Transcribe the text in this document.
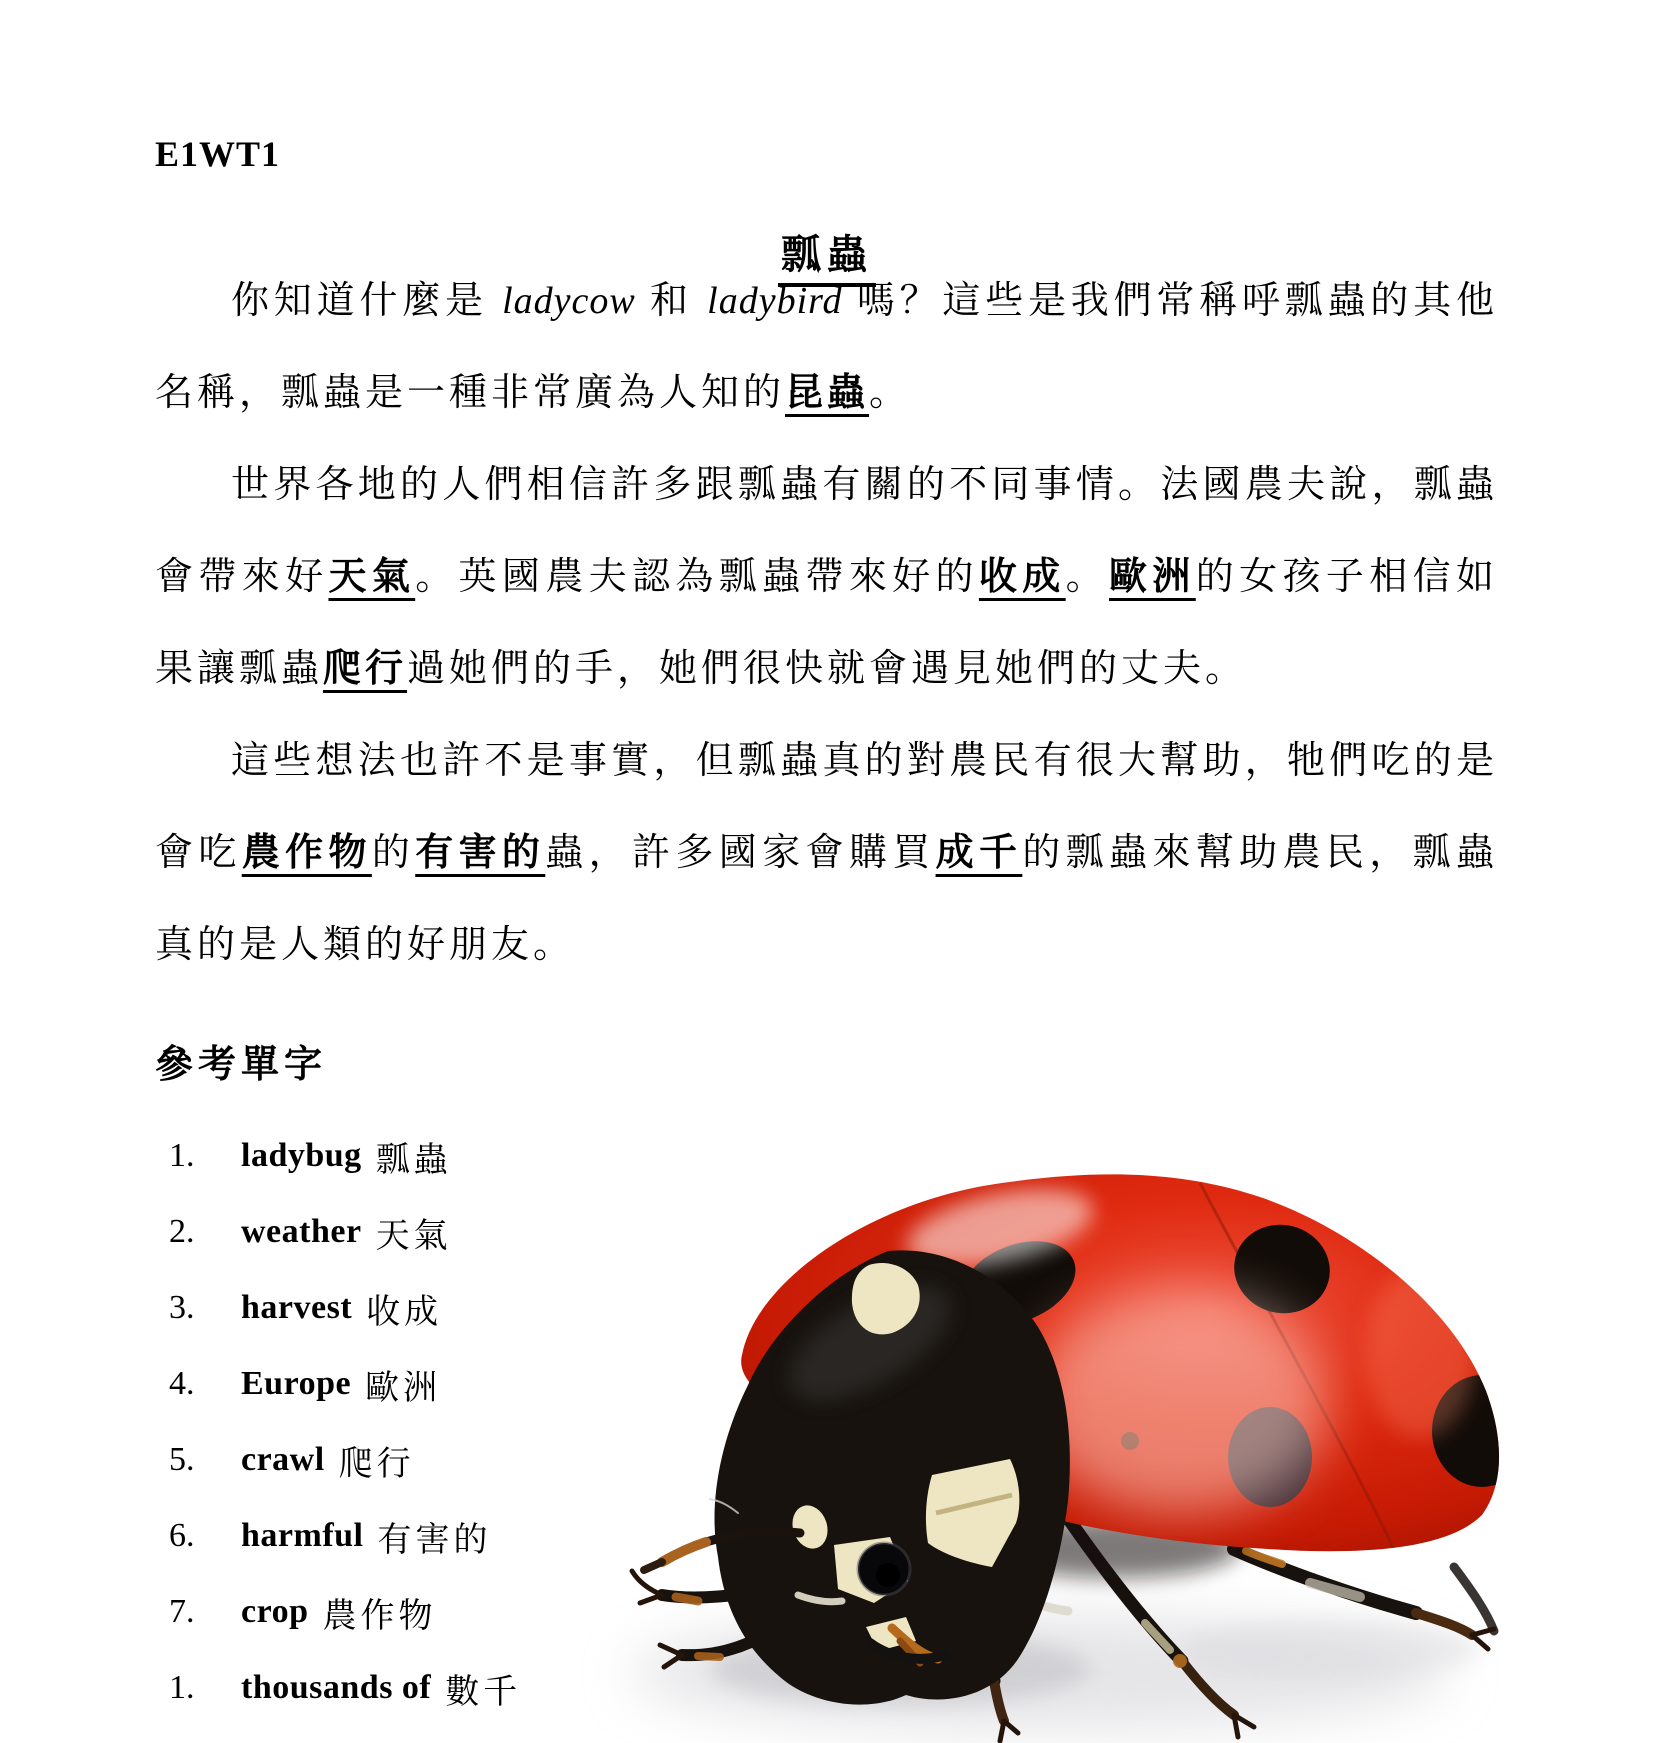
E1WT1
瓢蟲

你知道什麼是 ladycow 和 ladybird 嗎？這些是我們常稱呼瓢蟲的其他名稱，瓢蟲是一種非常廣為人知的昆蟲。

世界各地的人們相信許多跟瓢蟲有關的不同事情。法國農夫說，瓢蟲會帶來好天氣。英國農夫認為瓢蟲帶來好的收成。歐洲的女孩子相信如果讓瓢蟲爬行過她們的手，她們很快就會遇見她們的丈夫。

這些想法也許不是事實，但瓢蟲真的對農民有很大幫助，牠們吃的是會吃農作物的有害的蟲，許多國家會購買成千的瓢蟲來幫助農民，瓢蟲真的是人類的好朋友。

參考單字
1.	ladybug 瓢蟲
2.	weather 天氣
3.	harvest 收成
4.	Europe 歐洲
5.	crawl 爬行
6.	harmful 有害的
7.	crop 農作物
1.	thousands of 數千
